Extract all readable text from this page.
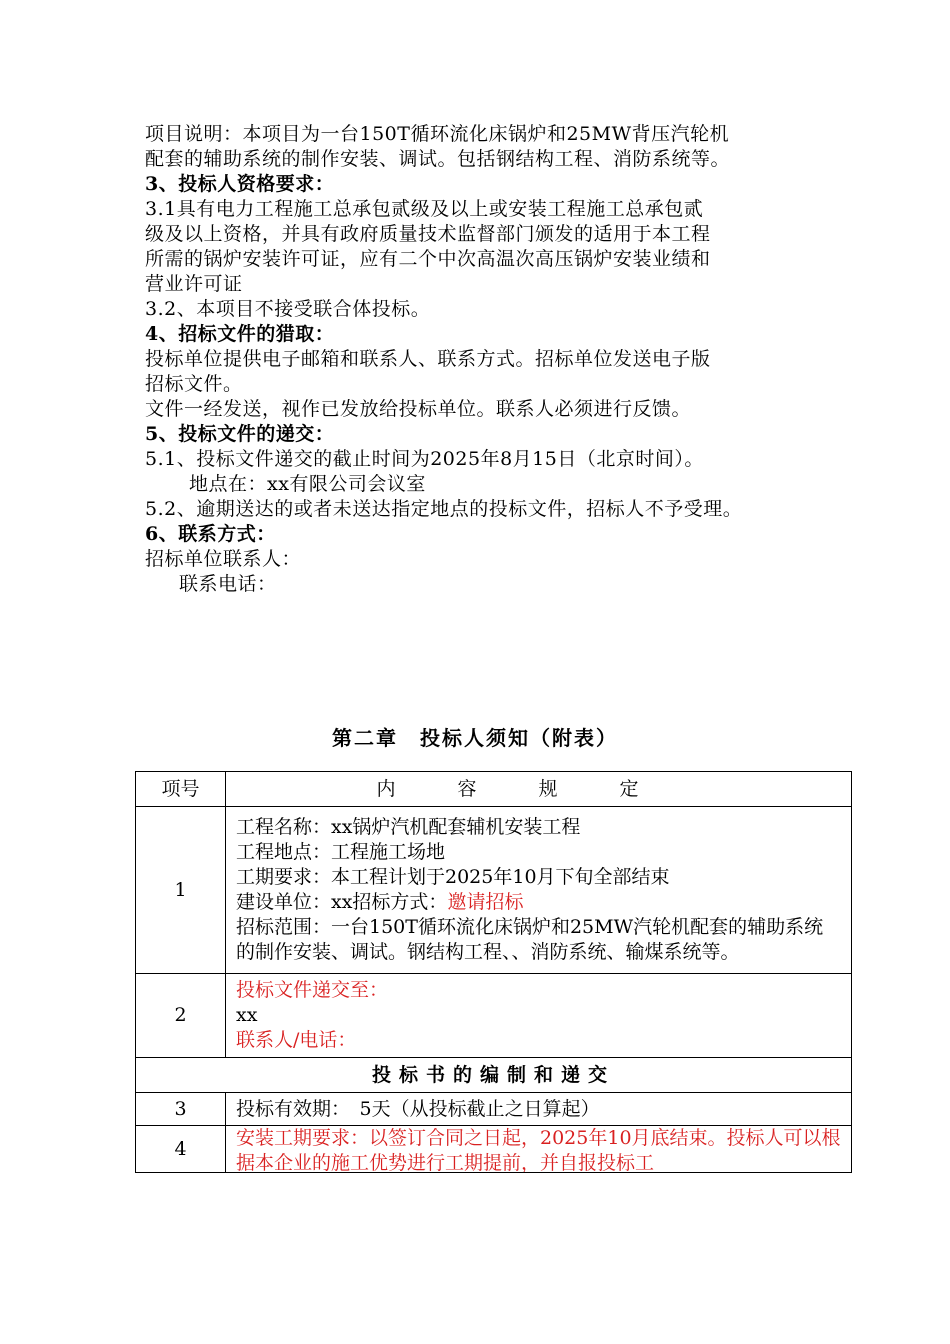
项目说明：本项目为一台150T循环流化床锅炉和25MW背压汽轮机
配套的辅助系统的制作安装、调试。包括钢结构工程、消防系统等。
3、投标人资格要求：
3.1具有电力工程施工总承包贰级及以上或安装工程施工总承包贰
级及以上资格，并具有政府质量技术监督部门颁发的适用于本工程
所需的锅炉安装许可证，应有二个中次高温次高压锅炉安装业绩和
营业许可证
3.2、本项目不接受联合体投标。
4、招标文件的猎取：
投标单位提供电子邮箱和联系人、联系方式。招标单位发送电子版
招标文件。
文件一经发送，视作已发放给投标单位。联系人必须进行反馈。
5、投标文件的递交：
5.1、投标文件递交的截止时间为2025年8月15日（北京时间）。
地点在：xx有限公司会议室
5.2、逾期送达的或者未送达指定地点的投标文件，招标人不予受理。
6、联系方式：
招标单位联系人：
联系电话：
第二章　投标人须知（附表）
项号	内容规定
1	工程名称：xx锅炉汽机配套辅机安装工程
工程地点：工程施工场地
工期要求：本工程计划于2025年10月下旬全部结束
建设单位：xx招标方式：邀请招标
招标范围：一台150T循环流化床锅炉和25MW汽轮机配套的辅助系统的制作安装、调试。钢结构工程、、消防系统、输煤系统等。

2	投标文件递交至：
xx
联系人/电话：

投标书的编制和递交	
3	投标有效期：　5天（从投标截止之日算起）
4	安装工期要求：以签订合同之日起，2025年10月底结束。投标人可以根据本企业的施工优势进行工期提前，并自报投标工
